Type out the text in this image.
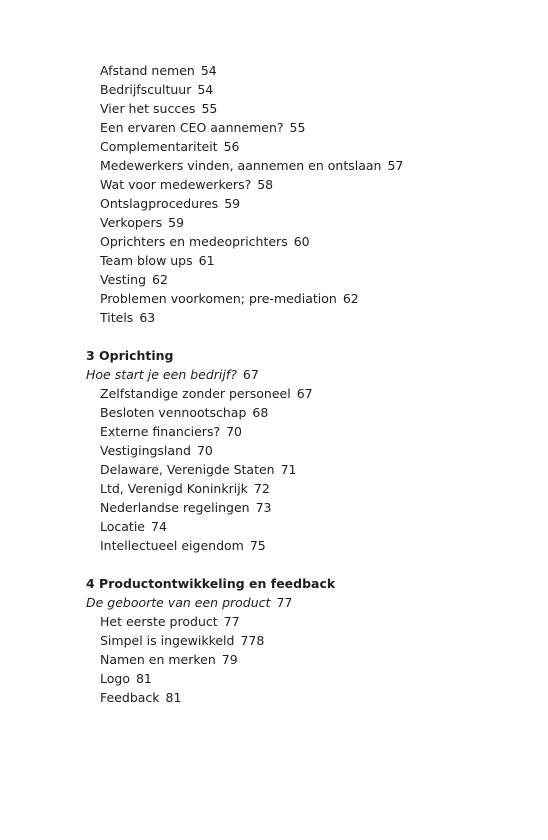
Afstand nemen 54
Bedrijfscultuur 54
Vier het succes 55
Een ervaren CEO aannemen? 55
Complementariteit 56
Medewerkers vinden, aannemen en ontslaan 57
Wat voor medewerkers? 58
Ontslagprocedures 59
Verkopers 59
Oprichters en medeoprichters 60
Team blow ups 61
Vesting 62
Problemen voorkomen; pre-mediation 62
Titels 63
3 Oprichting
Hoe start je een bedrijf? 67
Zelfstandige zonder personeel 67
Besloten vennootschap 68
Externe financiers? 70
Vestigingsland 70
Delaware, Verenigde Staten 71
Ltd, Verenigd Koninkrijk 72
Nederlandse regelingen 73
Locatie 74
Intellectueel eigendom 75
4 Productontwikkeling en feedback
De geboorte van een product 77
Het eerste product 77
Simpel is ingewikkeld 778
Namen en merken 79
Logo 81
Feedback 81
